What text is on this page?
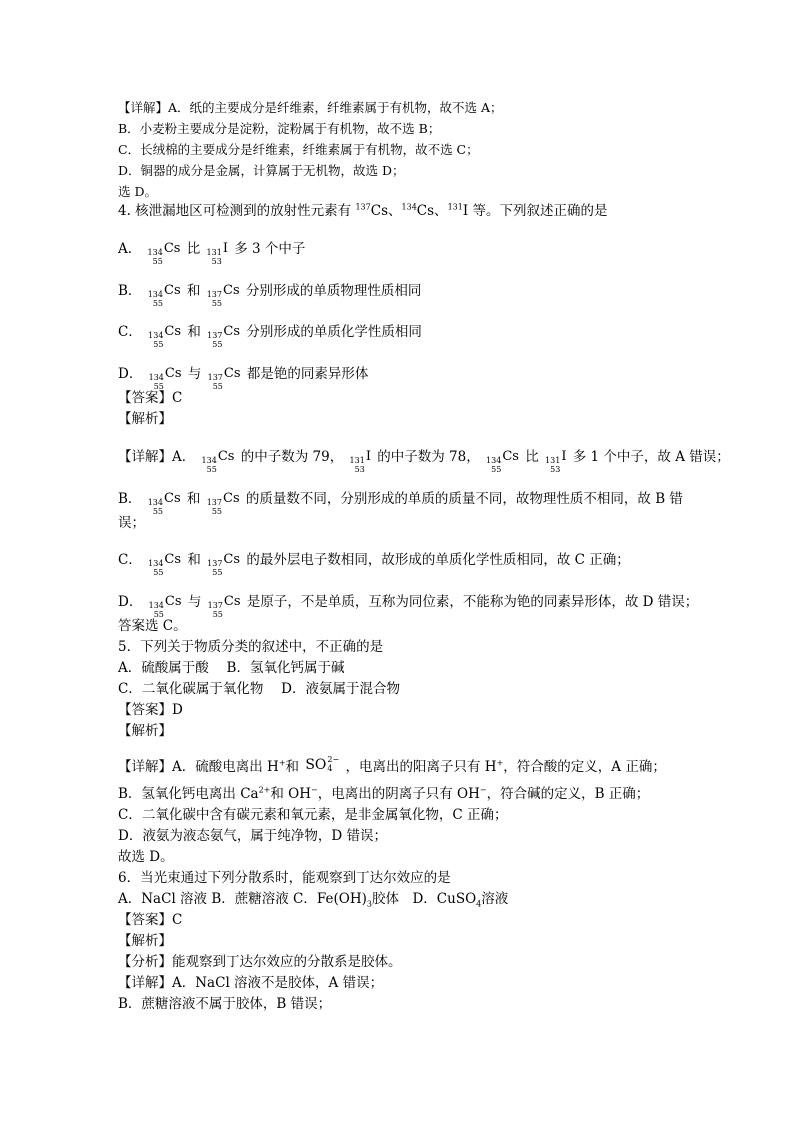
【详解】A．纸的主要成分是纤维素，纤维素属于有机物，故不选 A；
B．小麦粉主要成分是淀粉，淀粉属于有机物，故不选 B；
C．长绒棉的主要成分是纤维素，纤维素属于有机物，故不选 C；
D．铜器的成分是金属，计算属于无机物，故选 D；
选 D。
4. 核泄漏地区可检测到的放射性元素有 $^{137}$Cs、$^{134}$Cs、$^{131}$I 等。下列叙述正确的是
A． 134
55
Cs 比 131
53
I 多 3 个中子
B． 134
55
Cs 和 137
55
Cs 分别形成的单质物理性质相同
C． 134
55
Cs 和 137
55
Cs 分别形成的单质化学性质相同
D． 134
55
Cs 与 137
55
Cs 都是铯的同素异形体
【答案】C
【解析】
【详解】A． 134
55
Cs 的中子数为 79， 131
53
I 的中子数为 78， 134
55
Cs 比 131
53
I 多 1 个中子，故 A 错误；
B． 134
55
Cs 和 137
55
Cs 的质量数不同，分别形成的单质的质量不同，故物理性质不相同，故 B 错
误；
C． 134
55
Cs 和 137
55
Cs 的最外层电子数相同，故形成的单质化学性质相同，故 C 正确；
D． 134
55
Cs 与 137
55
Cs 是原子，不是单质，互称为同位素，不能称为铯的同素异形体，故 D 错误；
答案选 C。
5．下列关于物质分类的叙述中，不正确的是
A．硫酸属于酸　 B．氢氧化钙属于碱
C．二氧化碳属于氧化物　 D．液氨属于混合物
【答案】D
【解析】
【详解】A．硫酸电离出 H+和 SO 2−
4 ，电离出的阳离子只有 H+，符合酸的定义，A 正确；
B．氢氧化钙电离出 $Ca^{2+}$和 OH−，电离出的阴离子只有 OH−，符合碱的定义，B 正确；
C．二氧化碳中含有碳元素和氧元素，是非金属氧化物，C 正确；
D．液氨为液态氨气，属于纯净物，D 错误；
故选 D。
6．当光束通过下列分散系时，能观察到丁达尔效应的是
A．NaCl 溶液 B．蔗糖溶液 C．$Fe(OH)_3$胶体　D．CuSO$_4$溶液
【答案】C
【解析】
【分析】能观察到丁达尔效应的分散系是胶体。
【详解】A．NaCl 溶液不是胶体，A 错误；
B．蔗糖溶液不属于胶体，B 错误；
